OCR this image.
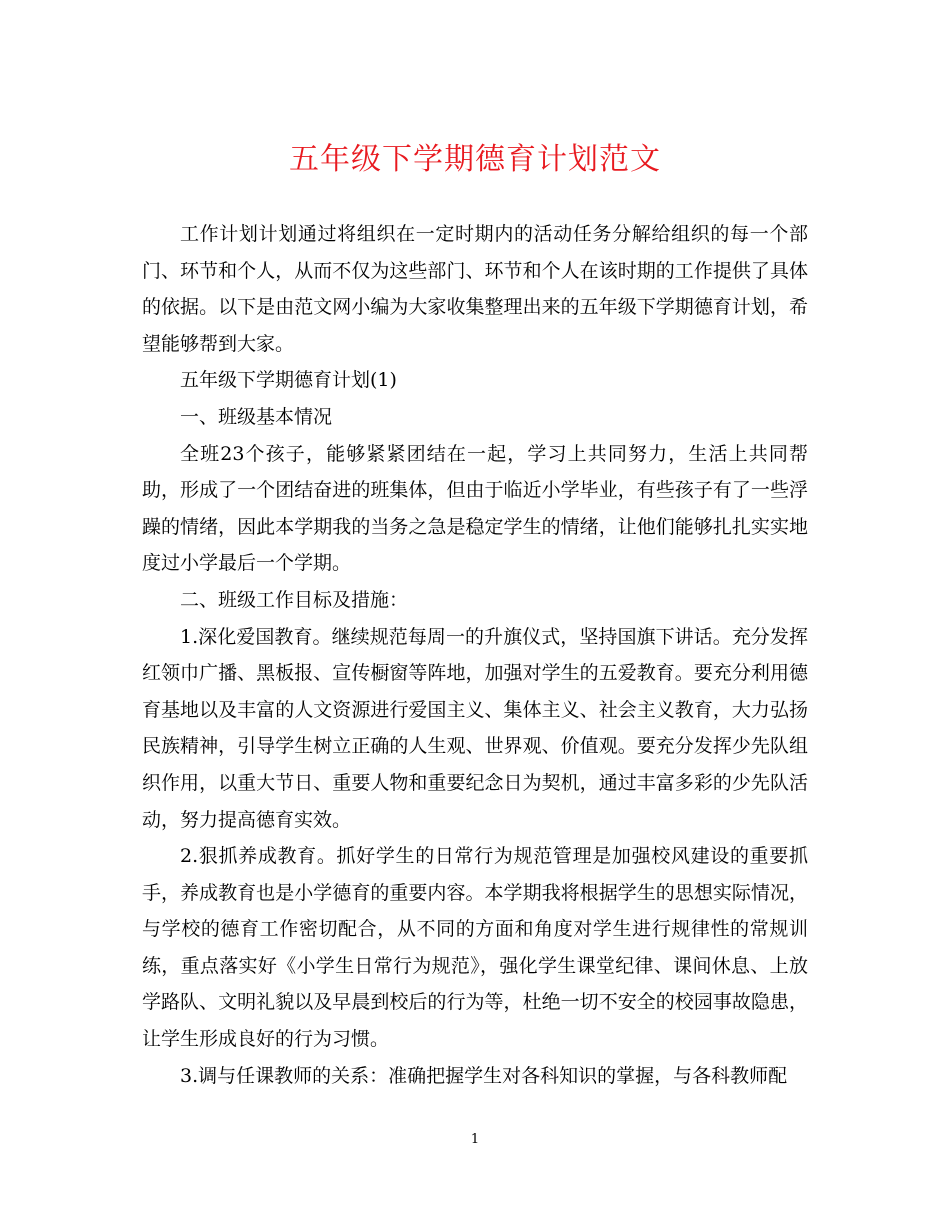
五年级下学期德育计划范文

工作计划计划通过将组织在一定时期内的活动任务分解给组织的每一个部门、环节和个人，从而不仅为这些部门、环节和个人在该时期的工作提供了具体的依据。以下是由范文网小编为大家收集整理出来的五年级下学期德育计划，希望能够帮到大家。

五年级下学期德育计划(1)

一、班级基本情况

全班23个孩子，能够紧紧团结在一起，学习上共同努力，生活上共同帮助，形成了一个团结奋进的班集体，但由于临近小学毕业，有些孩子有了一些浮躁的情绪，因此本学期我的当务之急是稳定学生的情绪，让他们能够扎扎实实地度过小学最后一个学期。

二、班级工作目标及措施：

1.深化爱国教育。继续规范每周一的升旗仪式，坚持国旗下讲话。充分发挥红领巾广播、黑板报、宣传橱窗等阵地，加强对学生的五爱教育。要充分利用德育基地以及丰富的人文资源进行爱国主义、集体主义、社会主义教育，大力弘扬民族精神，引导学生树立正确的人生观、世界观、价值观。要充分发挥少先队组织作用，以重大节日、重要人物和重要纪念日为契机，通过丰富多彩的少先队活动，努力提高德育实效。

2.狠抓养成教育。抓好学生的日常行为规范管理是加强校风建设的重要抓手，养成教育也是小学德育的重要内容。本学期我将根据学生的思想实际情况，与学校的德育工作密切配合，从不同的方面和角度对学生进行规律性的常规训练，重点落实好《小学生日常行为规范》，强化学生课堂纪律、课间休息、上放学路队、文明礼貌以及早晨到校后的行为等，杜绝一切不安全的校园事故隐患，让学生形成良好的行为习惯。

3.调与任课教师的关系：准确把握学生对各科知识的掌握，与各科教师配

1
